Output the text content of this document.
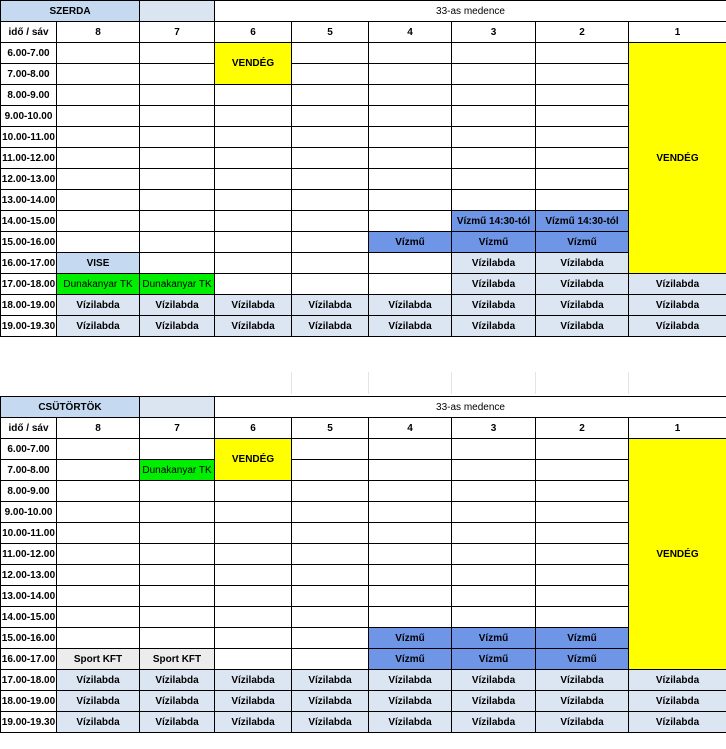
SZERDA			33-as medence					
idő / sáv	8	7	6	5	4	3	2	1
6.00-7.00			VENDÉG					VENDÉG
7.00-8.00								
8.00-9.00								
9.00-10.00								
10.00-11.00								
11.00-12.00								
12.00-13.00								
13.00-14.00								
14.00-15.00						Vízmű 14:30-tól	Vízmű 14:30-tól	
15.00-16.00					Vízmű	Vízmű	Vízmű	
16.00-17.00	VISE					Vízilabda	Vízilabda	
17.00-18.00	Dunakanyar TK	Dunakanyar TK				Vízilabda	Vízilabda	Vízilabda
18.00-19.00	Vízilabda	Vízilabda	Vízilabda	Vízilabda	Vízilabda	Vízilabda	Vízilabda	Vízilabda
19.00-19.30	Vízilabda	Vízilabda	Vízilabda	Vízilabda	Vízilabda	Vízilabda	Vízilabda	Vízilabda
CSÜTÖRTÖK			33-as medence					
idő / sáv	8	7	6	5	4	3	2	1
6.00-7.00			VENDÉG					VENDÉG
7.00-8.00		Dunakanyar TK						
8.00-9.00								
9.00-10.00								
10.00-11.00								
11.00-12.00								
12.00-13.00								
13.00-14.00								
14.00-15.00								
15.00-16.00					Vízmű	Vízmű	Vízmű	
16.00-17.00	Sport KFT	Sport KFT			Vízmű	Vízmű	Vízmű	
17.00-18.00	Vízilabda	Vízilabda	Vízilabda	Vízilabda	Vízilabda	Vízilabda	Vízilabda	Vízilabda
18.00-19.00	Vízilabda	Vízilabda	Vízilabda	Vízilabda	Vízilabda	Vízilabda	Vízilabda	Vízilabda
19.00-19.30	Vízilabda	Vízilabda	Vízilabda	Vízilabda	Vízilabda	Vízilabda	Vízilabda	Vízilabda
